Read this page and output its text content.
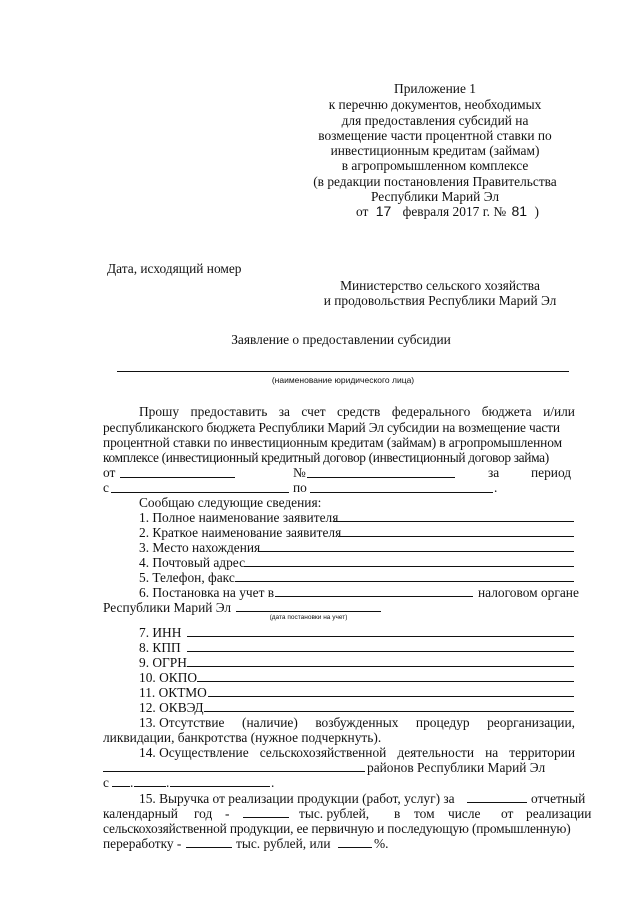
Приложение 1
к перечню документов, необходимых
для предоставления субсидий на
возмещение части процентной ставки по
инвестиционным кредитам (займам)
в агропромышленном комплексе
(в редакции постановления Правительства
Республики Марий Эл
от 17 февраля 2017 г. № 81 )
Дата, исходящий номер
Министерство сельского хозяйства
и продовольствия Республики Марий Эл
Заявление о предоставлении субсидии
(наименование юридического лица)
Прошу предоставить за счет средств федерального бюджета и/или
республиканского бюджета Республики Марий Эл субсидии на возмещение части
процентной ставки по инвестиционным кредитам (займам) в агропромышленном
комплексе (инвестиционный кредитный договор (инвестиционный договор займа)
от	№	за период
с	по	.
Сообщаю следующие сведения:
1. Полное наименование заявителя
2. Краткое наименование заявителя
3. Место нахождения
4. Почтовый адрес
5. Телефон, факс
6. Постановка на учет в	налоговом органе
Республики Марий Эл
(дата постановки на учет)
7. ИНН
8. КПП
9. ОГРН
10. ОКПО
11. ОКТМО
12. ОКВЭД
13. Отсутствие (наличие) возбужденных процедур реорганизации,
ликвидации, банкротства (нужное подчеркнуть).
14. Осуществление сельскохозяйственной деятельности на территории
районов Республики Марий Эл
с . .	.
15. Выручка от реализации продукции (работ, услуг) за	отчетный
календарный год -	тыс. рублей, в том числе от реализации
сельскохозяйственной продукции, ее первичную и последующую (промышленную)
переработку -	тыс. рублей, или	%.
